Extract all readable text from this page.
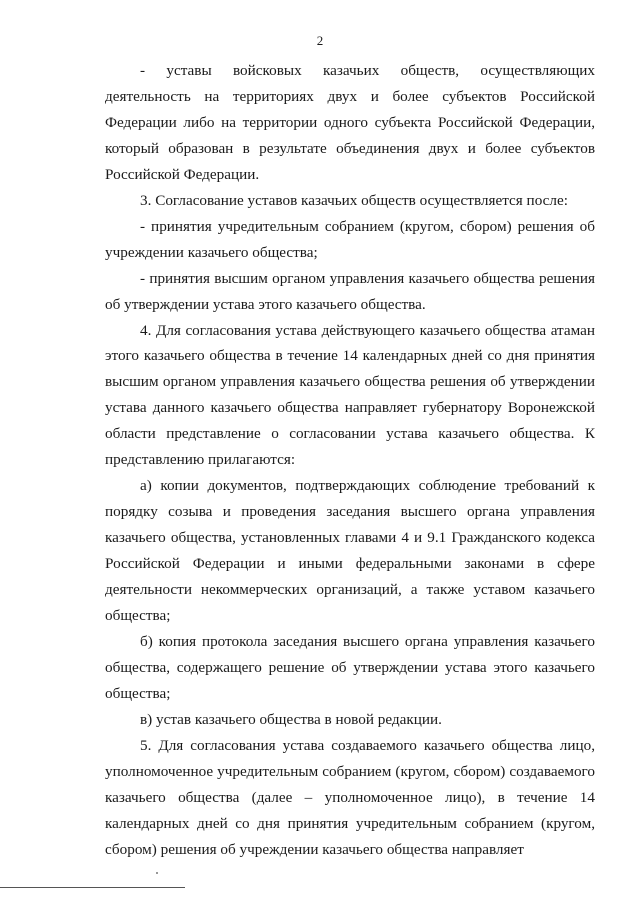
2

- уставы войсковых казачьих обществ, осуществляющих деятельность на территориях двух и более субъектов Российской Федерации либо на территории одного субъекта Российской Федерации, который образован в результате объединения двух и более субъектов Российской Федерации.

3. Согласование уставов казачьих обществ осуществляется после:

- принятия учредительным собранием (кругом, сбором) решения об учреждении казачьего общества;

- принятия высшим органом управления казачьего общества решения об утверждении устава этого казачьего общества.

4. Для согласования устава действующего казачьего общества атаман этого казачьего общества в течение 14 календарных дней со дня принятия высшим органом управления казачьего общества решения об утверждении устава данного казачьего общества направляет губернатору Воронежской области представление о согласовании устава казачьего общества. К представлению прилагаются:

а) копии документов, подтверждающих соблюдение требований к порядку созыва и проведения заседания высшего органа управления казачьего общества, установленных главами 4 и 9.1 Гражданского кодекса Российской Федерации и иными федеральными законами в сфере деятельности некоммерческих организаций, а также уставом казачьего общества;

б) копия протокола заседания высшего органа управления казачьего общества, содержащего решение об утверждении устава этого казачьего общества;

в) устав казачьего общества в новой редакции.

5. Для согласования устава создаваемого казачьего общества лицо, уполномоченное учредительным собранием (кругом, сбором) создаваемого казачьего общества (далее – уполномоченное лицо), в течение 14 календарных дней со дня принятия учредительным собранием (кругом, сбором) решения об учреждении казачьего общества направляет
